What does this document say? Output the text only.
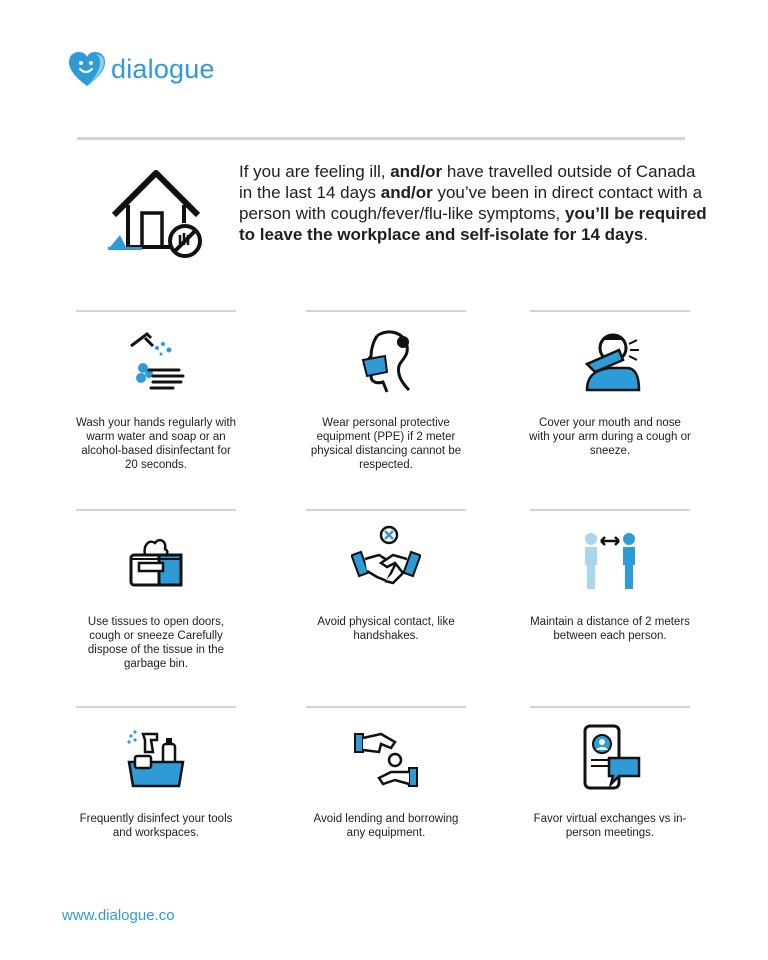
dialogue
If you are feeling ill, and/or have travelled outside of Canada in the last 14 days and/or you’ve been in direct contact with a person with cough/fever/flu-like symptoms, you’ll be required to leave the workplace and self-isolate for 14 days.
Wash your hands regularly with warm water and soap or an alcohol-based disinfectant for 20 seconds.
Wear personal protective equipment (PPE) if 2 meter physical distancing cannot be respected.
Cover your mouth and nose with your arm during a cough or sneeze.
Use tissues to open doors, cough or sneeze Carefully dispose of the tissue in the garbage bin.
Avoid physical contact, like handshakes.
Maintain a distance of 2 meters between each person.
Frequently disinfect your tools and workspaces.
Avoid lending and borrowing any equipment.
Favor virtual exchanges vs in-person meetings.
www.dialogue.co
